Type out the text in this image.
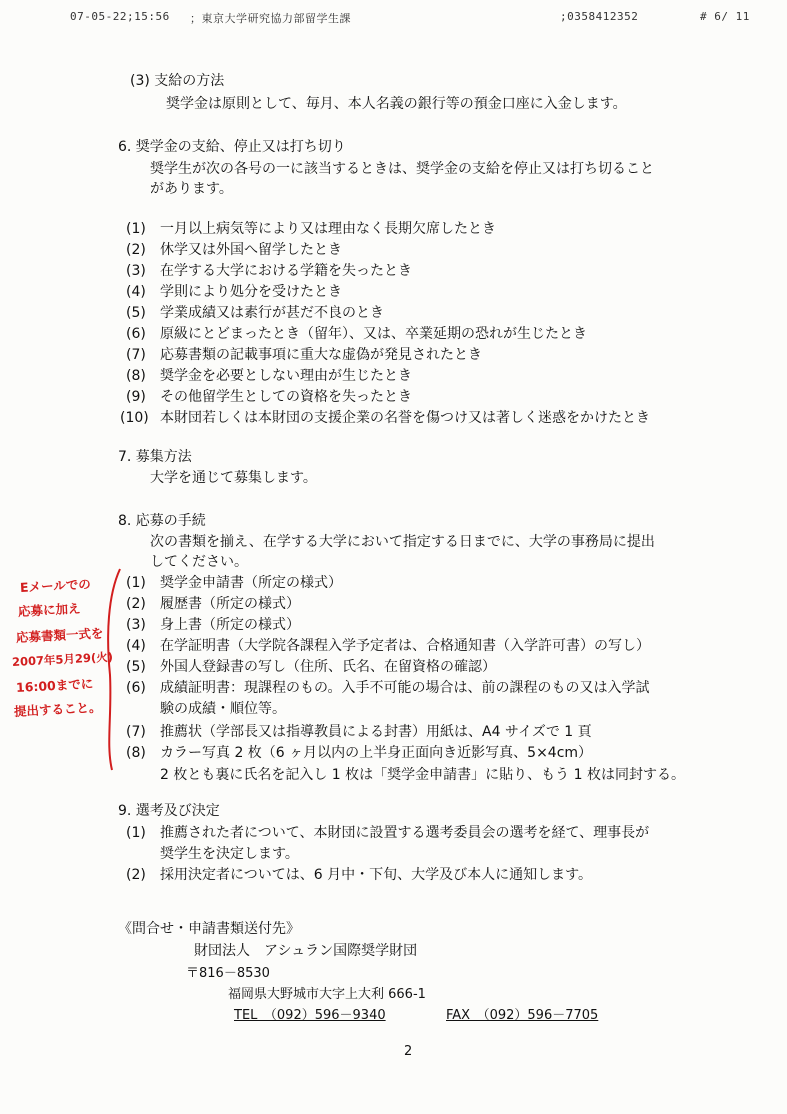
07-05-22;15:56 ；東京大学研究協力部留学生課	;0358412352	# 6/ 11
(3) 支給の方法
奨学金は原則として、毎月、本人名義の銀行等の預金口座に入金します。
6. 奨学金の支給、停止又は打ち切り
奨学生が次の各号の一に該当するときは、奨学金の支給を停止又は打ち切ること
があります。
(1) 一月以上病気等により又は理由なく長期欠席したとき
(2) 休学又は外国へ留学したとき
(3) 在学する大学における学籍を失ったとき
(4) 学則により処分を受けたとき
(5) 学業成績又は素行が甚だ不良のとき
(6) 原級にとどまったとき（留年）、又は、卒業延期の恐れが生じたとき
(7) 応募書類の記載事項に重大な虚偽が発見されたとき
(8) 奨学金を必要としない理由が生じたとき
(9) その他留学生としての資格を失ったとき
(10) 本財団若しくは本財団の支援企業の名誉を傷つけ又は著しく迷惑をかけたとき
7. 募集方法
大学を通じて募集します。
8. 応募の手続
次の書類を揃え、在学する大学において指定する日までに、大学の事務局に提出
してください。
(1) 奨学金申請書（所定の様式）
(2) 履歴書（所定の様式）
(3) 身上書（所定の様式）
(4) 在学証明書（大学院各課程入学予定者は、合格通知書（入学許可書）の写し）
(5) 外国人登録書の写し（住所、氏名、在留資格の確認）
(6) 成績証明書：現課程のもの。入手不可能の場合は、前の課程のもの又は入学試
験の成績・順位等。
(7) 推薦状（学部長又は指導教員による封書）用紙は、A4 サイズで 1 頁
(8) カラー写真 2 枚（6 ヶ月以内の上半身正面向き近影写真、5×4cm）
2 枚とも裏に氏名を記入し 1 枚は「奨学金申請書」に貼り、もう 1 枚は同封する。
Eメールでの
応募に加え
応募書類一式を
2007年5月29(火)
16:00までに
提出すること。
9. 選考及び決定
(1) 推薦された者について、本財団に設置する選考委員会の選考を経て、理事長が
奨学生を決定します。
(2) 採用決定者については、6 月中・下旬、大学及び本人に通知します。
《問合せ・申請書類送付先》
財団法人　アシュラン国際奨学財団
〒816－8530
福岡県大野城市大字上大利 666-1
TEL　（092）596－9340	FAX　（092）596－7705
2
